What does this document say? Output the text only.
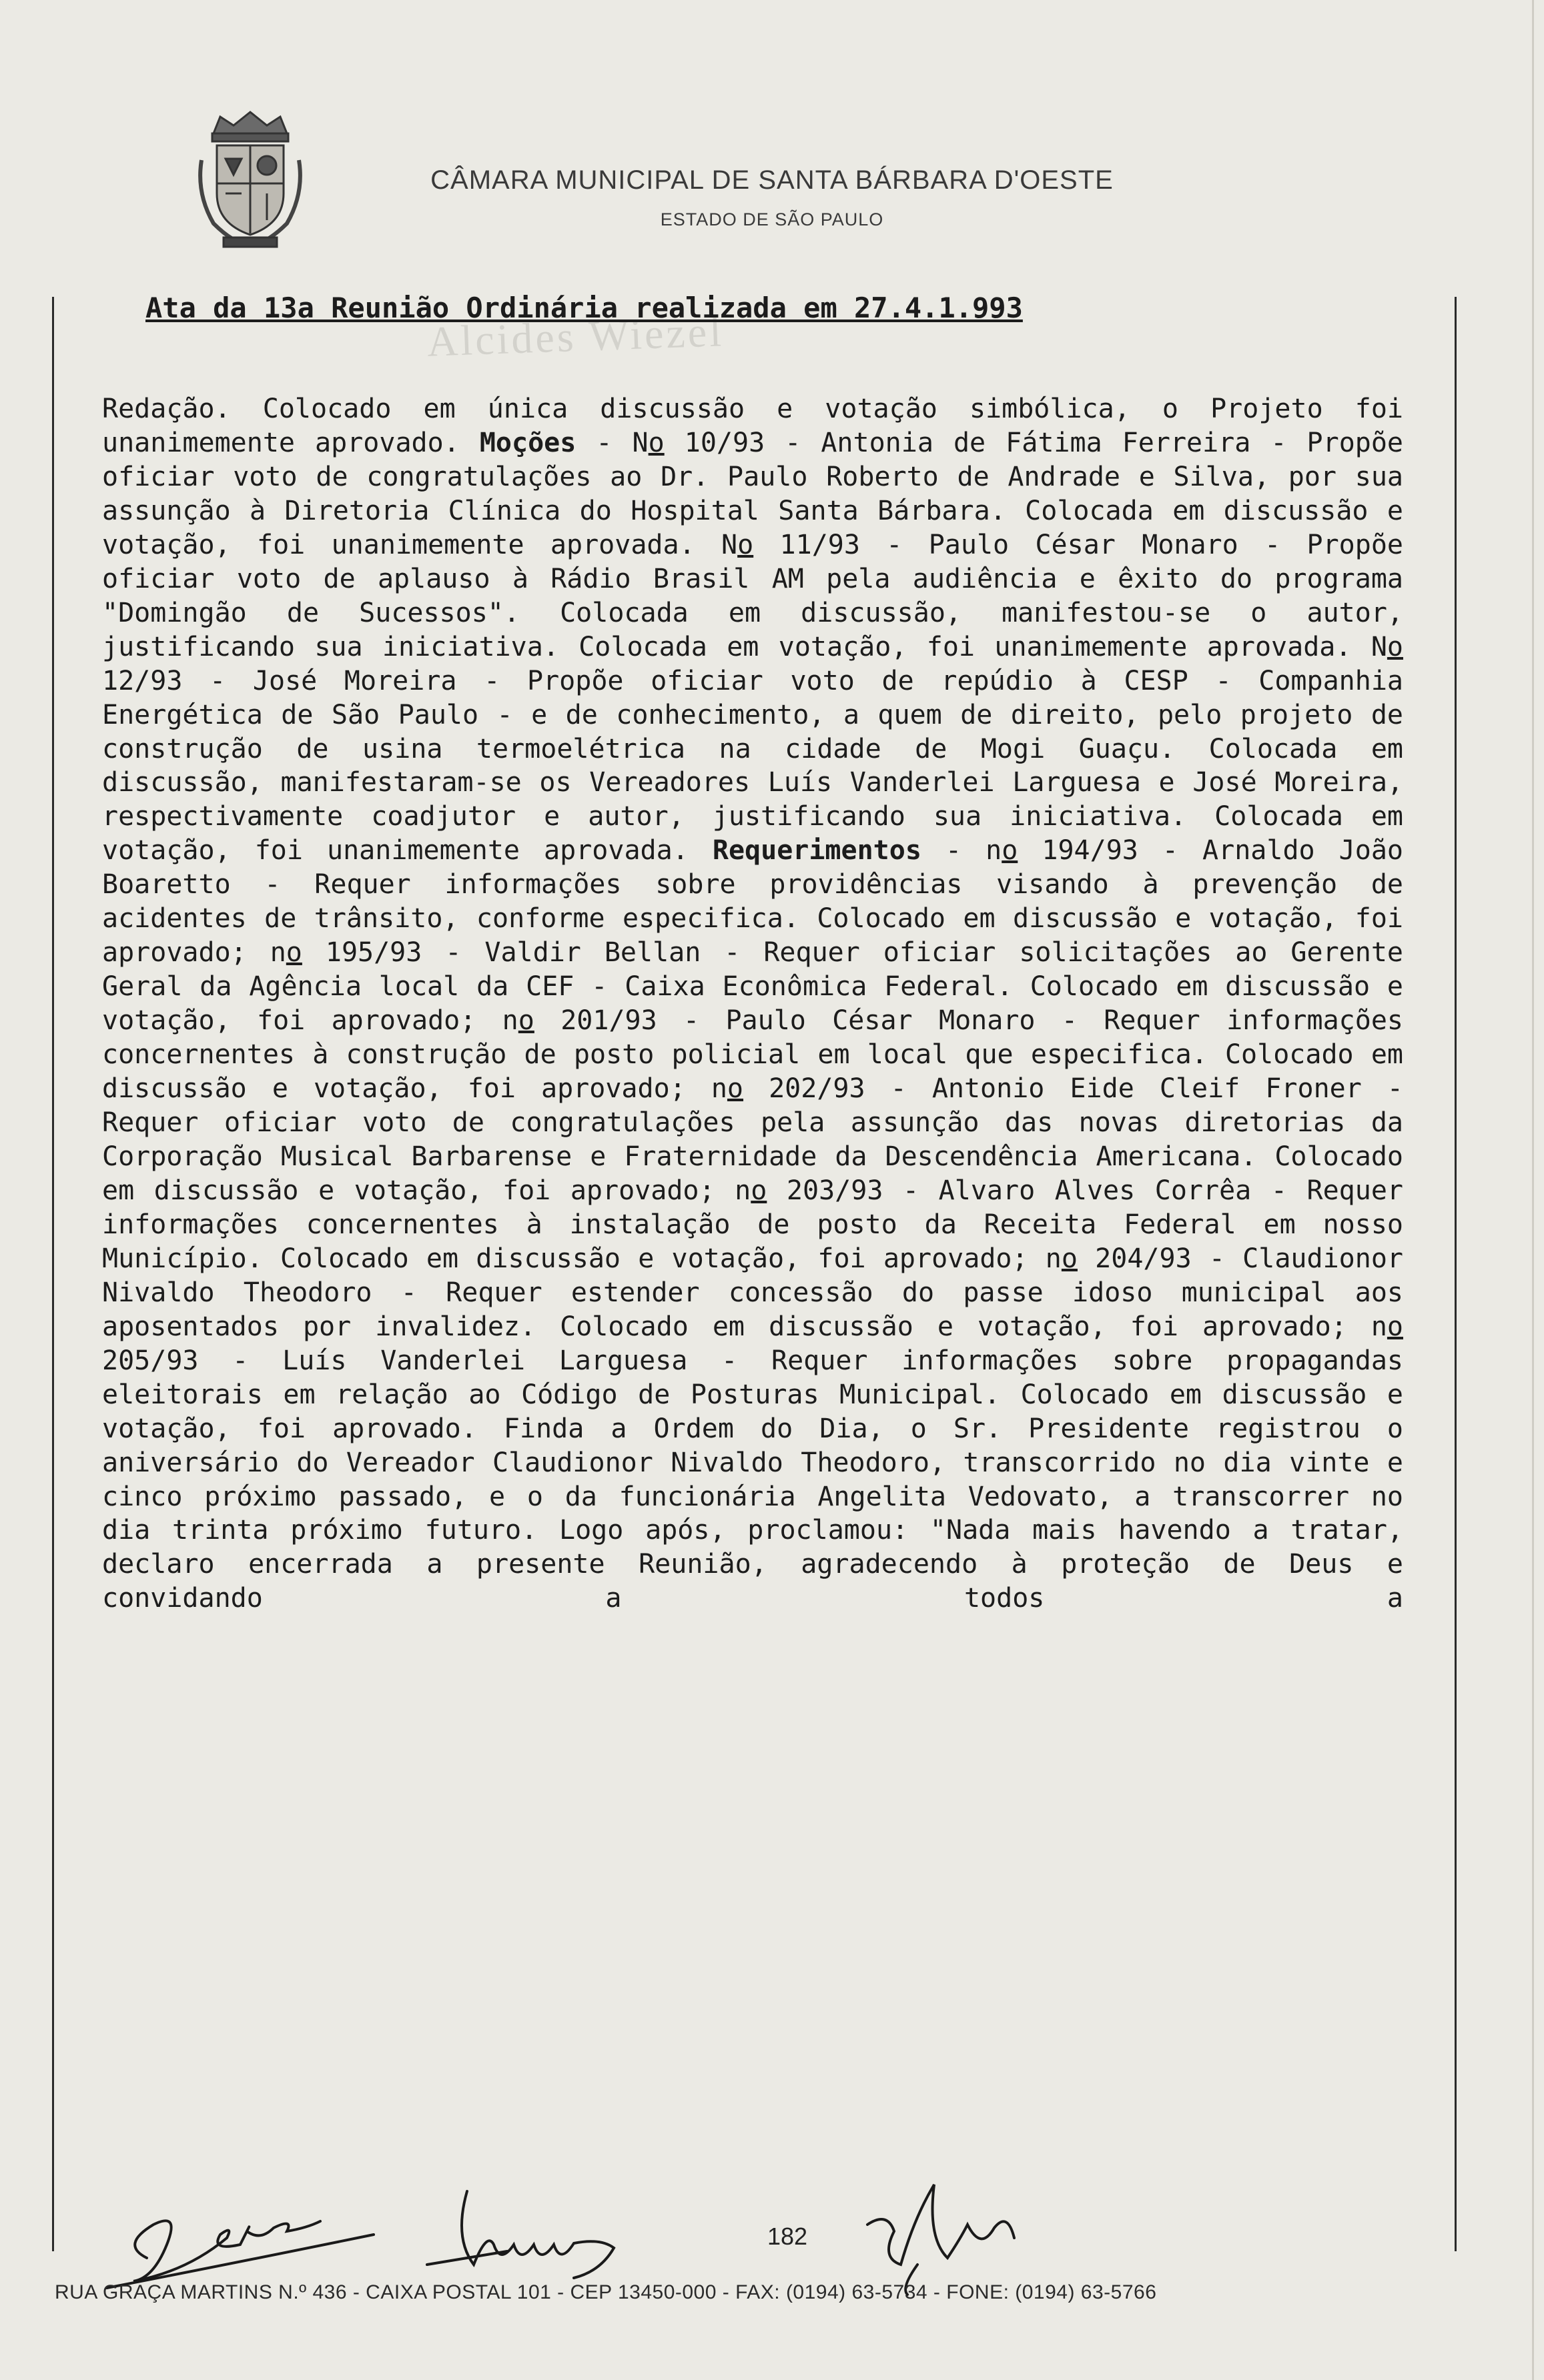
CÂMARA MUNICIPAL DE SANTA BÁRBARA D'OESTE
ESTADO DE SÃO PAULO
Alcides Wiezel
Ata da 13a Reunião Ordinária realizada em 27.4.1.993
Redação. Colocado em única discussão e votação simbólica, o Projeto foi unanimemente aprovado. Moções - No 10/93 - Antonia de Fátima Ferreira - Propõe oficiar voto de congratulações ao Dr. Paulo Roberto de Andrade e Silva, por sua assunção à Diretoria Clínica do Hospital Santa Bárbara. Colocada em discussão e votação, foi unanimemente aprovada. No 11/93 - Paulo César Monaro - Propõe oficiar voto de aplauso à Rádio Brasil AM pela audiência e êxito do programa "Domingão de Sucessos". Colocada em discussão, manifestou-se o autor, justificando sua iniciativa. Colocada em votação, foi unanimemente aprovada. No 12/93 - José Moreira - Propõe oficiar voto de repúdio à CESP - Companhia Energética de São Paulo - e de conhecimento, a quem de direito, pelo projeto de construção de usina termoelétrica na cidade de Mogi Guaçu. Colocada em discussão, manifestaram-se os Vereadores Luís Vanderlei Larguesa e José Moreira, respectivamente coadjutor e autor, justificando sua iniciativa. Colocada em votação, foi unanimemente aprovada. Requerimentos - no 194/93 - Arnaldo João Boaretto - Requer informações sobre providências visando à prevenção de acidentes de trânsito, conforme especifica. Colocado em discussão e votação, foi aprovado; no 195/93 - Valdir Bellan - Requer oficiar solicitações ao Gerente Geral da Agência local da CEF - Caixa Econômica Federal. Colocado em discussão e votação, foi aprovado; no 201/93 - Paulo César Monaro - Requer informações concernentes à construção de posto policial em local que especifica. Colocado em discussão e votação, foi aprovado; no 202/93 - Antonio Eide Cleif Froner - Requer oficiar voto de congratulações pela assunção das novas diretorias da Corporação Musical Barbarense e Fraternidade da Descendência Americana. Colocado em discussão e votação, foi aprovado; no 203/93 - Alvaro Alves Corrêa - Requer informações concernentes à instalação de posto da Receita Federal em nosso Município. Colocado em discussão e votação, foi aprovado; no 204/93 - Claudionor Nivaldo Theodoro - Requer estender concessão do passe idoso municipal aos aposentados por invalidez. Colocado em discussão e votação, foi aprovado; no 205/93 - Luís Vanderlei Larguesa - Requer informações sobre propagandas eleitorais em relação ao Código de Posturas Municipal. Colocado em discussão e votação, foi aprovado. Finda a Ordem do Dia, o Sr. Presidente registrou o aniversário do Vereador Claudionor Nivaldo Theodoro, transcorrido no dia vinte e cinco próximo passado, e o da funcionária Angelita Vedovato, a transcorrer no dia trinta próximo futuro. Logo após, proclamou: "Nada mais havendo a tratar, declaro encerrada a presente Reunião, agradecendo à proteção de Deus e convidando a todos a
182
RUA GRAÇA MARTINS N.º 436 - CAIXA POSTAL 101 - CEP 13450-000 - FAX: (0194) 63-5734 - FONE: (0194) 63-5766
